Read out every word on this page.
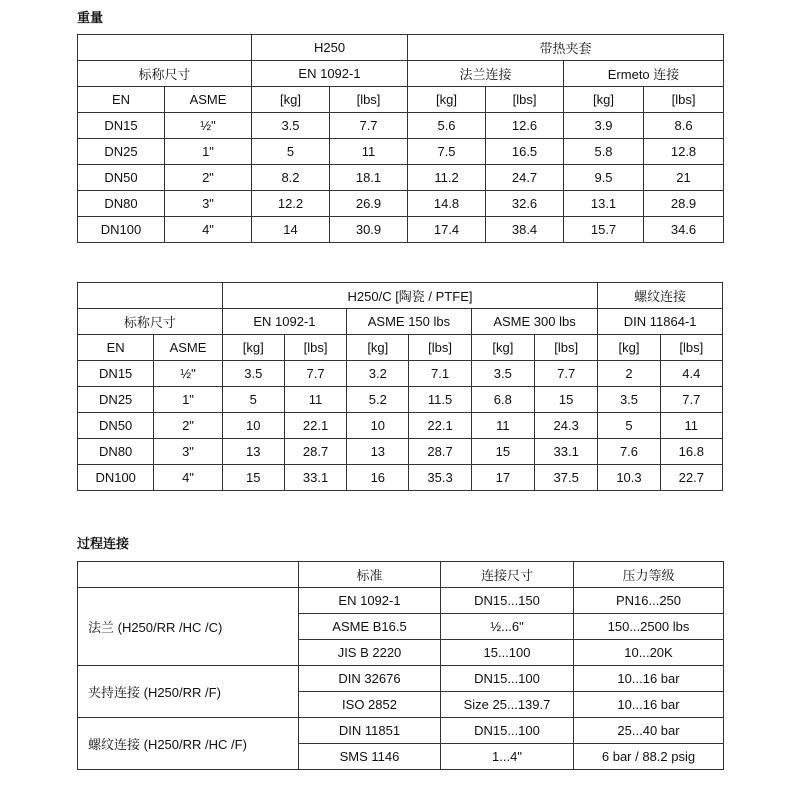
重量
		H250		带热夹套			
标称尺寸		EN 1092-1		法兰连接		Ermeto 连接	
EN	ASME	[kg]	[lbs]	[kg]	[lbs]	[kg]	[lbs]
DN15	½"	3.5	7.7	5.6	12.6	3.9	8.6
DN25	1"	5	11	7.5	16.5	5.8	12.8
DN50	2"	8.2	18.1	11.2	24.7	9.5	21
DN80	3"	12.2	26.9	14.8	32.6	13.1	28.9
DN100	4"	14	30.9	17.4	38.4	15.7	34.6
		H250/C [陶瓷 / PTFE]						螺纹连接	
标称尺寸		EN 1092-1		ASME 150 lbs		ASME 300 lbs		DIN 11864-1	
EN	ASME	[kg]	[lbs]	[kg]	[lbs]	[kg]	[lbs]	[kg]	[lbs]
DN15	½"	3.5	7.7	3.2	7.1	3.5	7.7	2	4.4
DN25	1"	5	11	5.2	11.5	6.8	15	3.5	7.7
DN50	2"	10	22.1	10	22.1	11	24.3	5	11
DN80	3"	13	28.7	13	28.7	15	33.1	7.6	16.8
DN100	4"	15	33.1	16	35.3	17	37.5	10.3	22.7
过程连接
	标准	连接尺寸	压力等级
法兰 (H250/RR /HC /C)	EN 1092-1	DN15...150	PN16...250
	ASME B16.5	½...6"	150...2500 lbs
	JIS B 2220	15...100	10...20K
夹持连接 (H250/RR /F)	DIN 32676	DN15...100	10...16 bar
	ISO 2852	Size 25...139.7	10...16 bar
螺纹连接 (H250/RR /HC /F)	DIN 11851	DN15...100	25...40 bar
	SMS 1146	1...4"	6 bar / 88.2 psig
